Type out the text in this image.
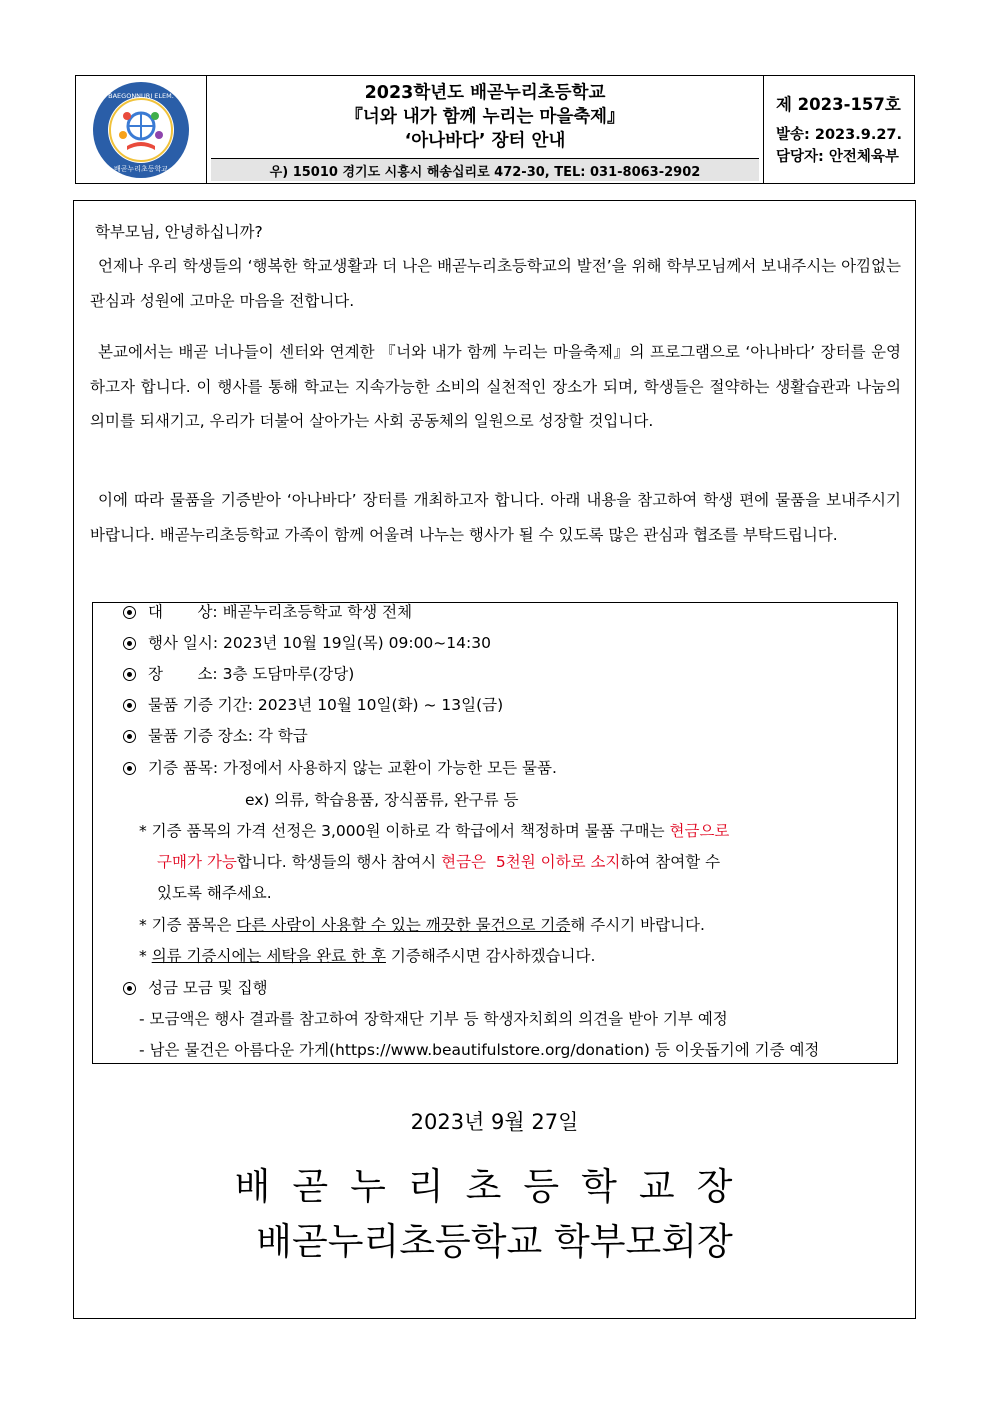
BAEGONNURI ELEM.
배곧누리초등학교
2023학년도 배곧누리초등학교
『너와 내가 함께 누리는 마을축제』
‘아나바다’ 장터 안내
우) 15010 경기도 시흥시 해송십리로 472-30, TEL: 031-8063-2902
제 2023-157호
발송: 2023.9.27.
담당자: 안전체육부

학부모님, 안녕하십니까?

언제나 우리 학생들의 ‘행복한 학교생활과 더 나은 배곧누리초등학교의 발전’을 위해 학부모님께서 보내주시는 아낌없는 관심과 성원에 고마운 마음을 전합니다.

본교에서는 배곧 너나들이 센터와 연계한 『너와 내가 함께 누리는 마을축제』의 프로그램으로 ‘아나바다’ 장터를 운영하고자 합니다. 이 행사를 통해 학교는 지속가능한 소비의 실천적인 장소가 되며, 학생들은 절약하는 생활습관과 나눔의 의미를 되새기고, 우리가 더불어 살아가는 사회 공동체의 일원으로 성장할 것입니다.

이에 따라 물품을 기증받아 ‘아나바다’ 장터를 개최하고자 합니다. 아래 내용을 참고하여 학생 편에 물품을 보내주시기 바랍니다. 배곧누리초등학교 가족이 함께 어울려 나누는 행사가 될 수 있도록 많은 관심과 협조를 부탁드립니다.

대       상: 배곧누리초등학교 학생 전체
행사 일시: 2023년 10월 19일(목) 09:00~14:30
장       소: 3층 도담마루(강당)
물품 기증 기간: 2023년 10월 10일(화) ~ 13일(금)
물품 기증 장소: 각 학급
기증 품목: 가정에서 사용하지 않는 교환이 가능한 모든 물품.
ex) 의류, 학습용품, 장식품류, 완구류 등
* 기증 품목의 가격 선정은 3,000원 이하로 각 학급에서 책정하며 물품 구매는 현금으로
구매가 가능합니다. 학생들의 행사 참여시 현금은  5천원 이하로 소지하여 참여할 수
있도록 해주세요.
* 기증 품목은 다른 사람이 사용할 수 있는 깨끗한 물건으로 기증해 주시기 바랍니다.
* 의류 기증시에는 세탁을 완료 한 후 기증해주시면 감사하겠습니다.
성금 모금 및 집행
- 모금액은 행사 결과를 참고하여 장학재단 기부 등 학생자치회의 의견을 받아 기부 예정
- 남은 물건은 아름다운 가게(https://www.beautifulstore.org/donation) 등 이웃돕기에 기증 예정
2023년 9월 27일
배곧누리초등학교장
배곧누리초등학교 학부모회장
